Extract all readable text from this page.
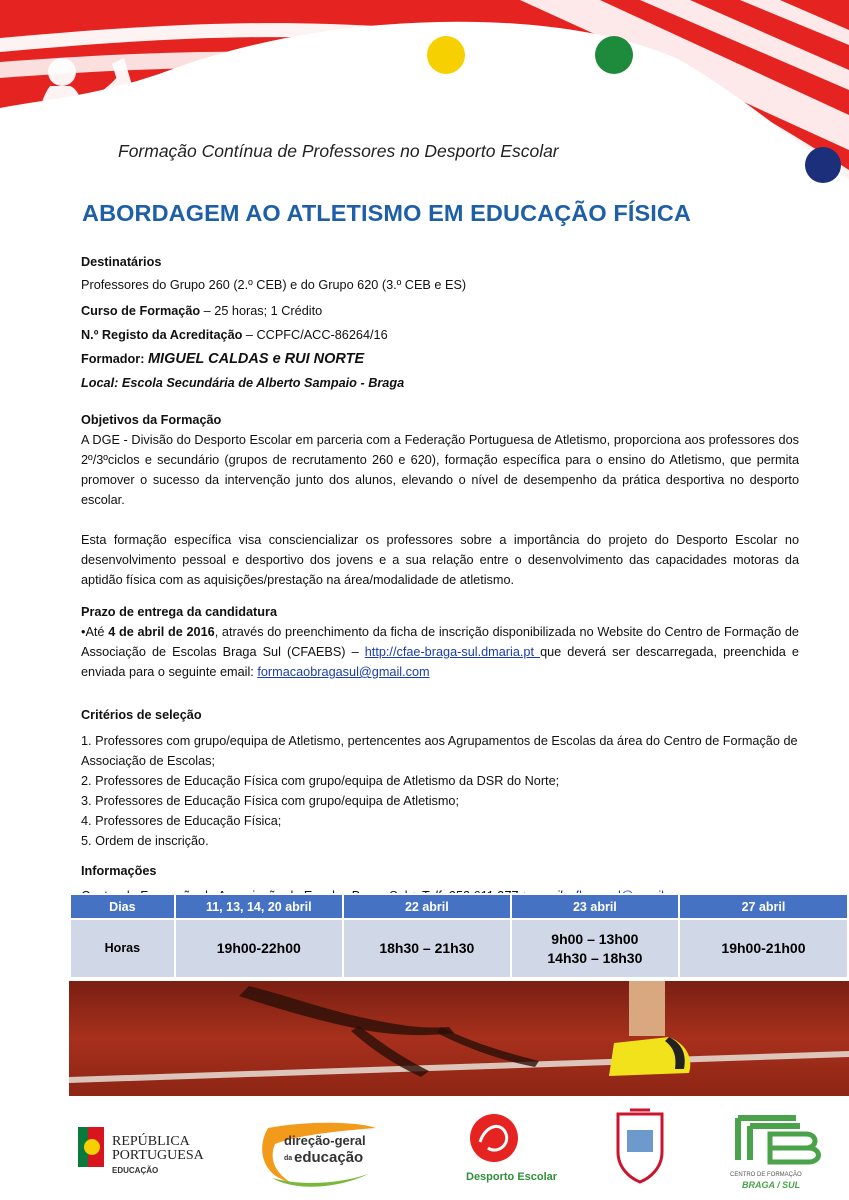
Formação Contínua de Professores no Desporto Escolar
ABORDAGEM AO ATLETISMO EM EDUCAÇÃO FÍSICA

Destinatários

Professores do Grupo 260 (2.º CEB) e do Grupo 620 (3.º CEB e ES)

Curso de Formação – 25 horas; 1 Crédito

N.º Registo da Acreditação – CCPFC/ACC-86264/16

Formador: MIGUEL CALDAS e RUI NORTE

Local: Escola Secundária de Alberto Sampaio - Braga

Objetivos da Formação

A DGE - Divisão do Desporto Escolar em parceria com a Federação Portuguesa de Atletismo, proporciona aos professores dos 2º/3ºciclos e secundário (grupos de recrutamento 260 e 620), formação específica para o ensino do Atletismo, que permita promover o sucesso da intervenção junto dos alunos, elevando o nível de desempenho da prática desportiva no desporto escolar.

Esta formação específica visa consciencializar os professores sobre a importância do projeto do Desporto Escolar no desenvolvimento pessoal e desportivo dos jovens e a sua relação entre o desenvolvimento das capacidades motoras da aptidão física com as aquisições/prestação na área/modalidade de atletismo.

Prazo de entrega da candidatura

•Até 4 de abril de 2016, através do preenchimento da ficha de inscrição disponibilizada no Website do Centro de Formação de Associação de Escolas Braga Sul (CFAEBS) – http://cfae-braga-sul.dmaria.pt que deverá ser descarregada, preenchida e enviada para o seguinte email: formacaobragasul@gmail.com

Critérios de seleção

1. Professores com grupo/equipa de Atletismo, pertencentes aos Agrupamentos de Escolas da área do Centro de Formação de Associação de Escolas;

2. Professores de Educação Física com grupo/equipa de Atletismo da DSR do Norte;

3. Professores de Educação Física com grupo/equipa de Atletismo;

4. Professores de Educação Física;

5. Ordem de inscrição.

Informações

Dias	11, 13, 14, 20 abril	22 abril	23 abril	27 abril
Horas	19h00-22h00	18h30 – 21h30	9h00 – 13h00
14h30 – 18h30	19h00-21h00
REPÚBLICA
PORTUGUESA
EDUCAÇÃO
direção-geral
da educação
Desporto Escolar	CENTRO DE FORMAÇÃO
BRAGA / SUL
